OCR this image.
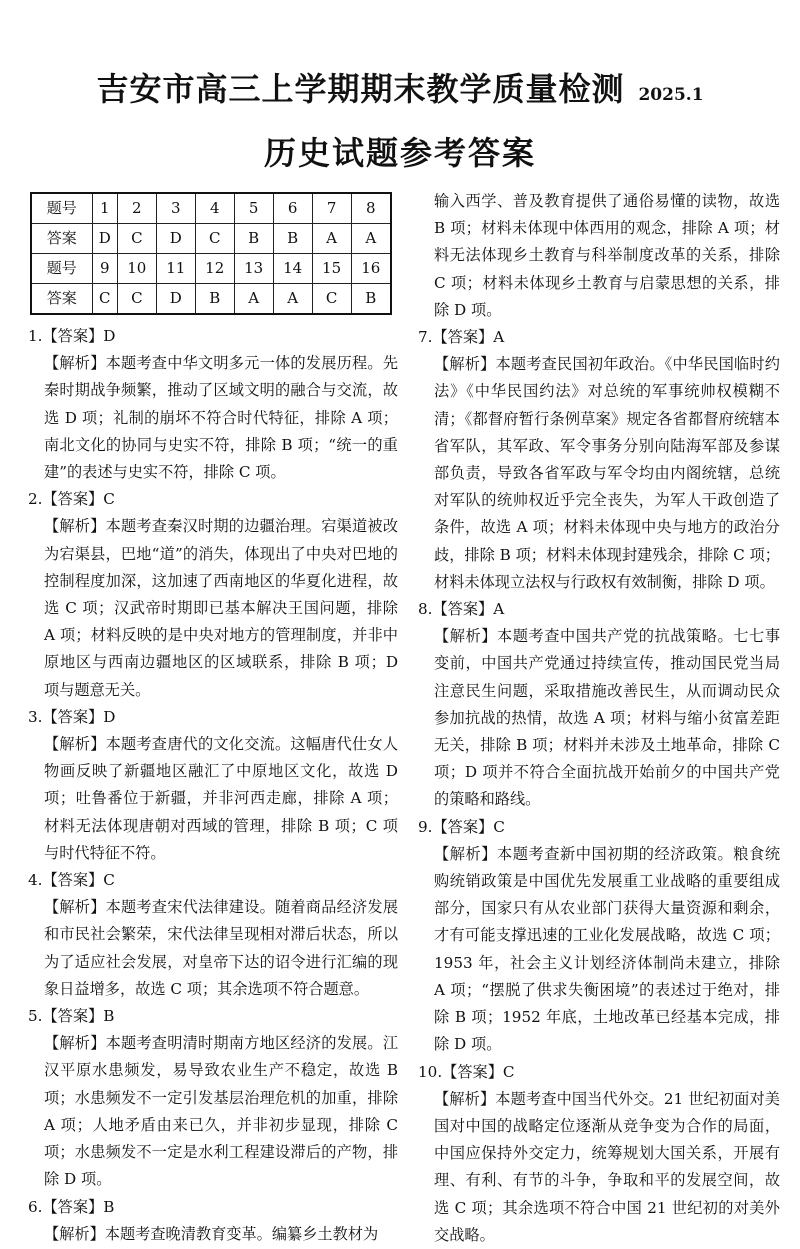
吉安市高三上学期期末教学质量检测 2025.1
历史试题参考答案
题号	1	2	3	4	5	6	7	8
答案	D	C	D	C	B	B	A	A
题号	9	10	11	12	13	14	15	16
答案	C	C	D	B	A	A	C	B
1.【答案】D

【解析】本题考查中华文明多元一体的发展历程。先秦时期战争频繁，推动了区域文明的融合与交流，故选 D 项；礼制的崩坏不符合时代特征，排除 A 项；南北文化的协同与史实不符，排除 B 项；“统一的重建”的表述与史实不符，排除 C 项。

2.【答案】C

【解析】本题考查秦汉时期的边疆治理。宕渠道被改为宕渠县，巴地“道”的消失，体现出了中央对巴地的控制程度加深，这加速了西南地区的华夏化进程，故选 C 项；汉武帝时期即已基本解决王国问题，排除 A 项；材料反映的是中央对地方的管理制度，并非中原地区与西南边疆地区的区域联系，排除 B 项；D 项与题意无关。

3.【答案】D

【解析】本题考查唐代的文化交流。这幅唐代仕女人物画反映了新疆地区融汇了中原地区文化，故选 D 项；吐鲁番位于新疆，并非河西走廊，排除 A 项；材料无法体现唐朝对西域的管理，排除 B 项；C 项与时代特征不符。

4.【答案】C

【解析】本题考查宋代法律建设。随着商品经济发展和市民社会繁荣，宋代法律呈现相对滞后状态，所以为了适应社会发展，对皇帝下达的诏令进行汇编的现象日益增多，故选 C 项；其余选项不符合题意。

5.【答案】B

【解析】本题考查明清时期南方地区经济的发展。江汉平原水患频发，易导致农业生产不稳定，故选 B 项；水患频发不一定引发基层治理危机的加重，排除 A 项；人地矛盾由来已久，并非初步显现，排除 C 项；水患频发不一定是水利工程建设滞后的产物，排除 D 项。

6.【答案】B

【解析】本题考查晚清教育变革。编纂乡土教材为

输入西学、普及教育提供了通俗易懂的读物，故选 B 项；材料未体现中体西用的观念，排除 A 项；材料无法体现乡土教育与科举制度改革的关系，排除 C 项；材料未体现乡土教育与启蒙思想的关系，排除 D 项。

7.【答案】A

【解析】本题考查民国初年政治。《中华民国临时约法》《中华民国约法》对总统的军事统帅权模糊不清；《都督府暂行条例草案》规定各省都督府统辖本省军队，其军政、军令事务分别向陆海军部及参谋部负责，导致各省军政与军令均由内阁统辖，总统对军队的统帅权近乎完全丧失，为军人干政创造了条件，故选 A 项；材料未体现中央与地方的政治分歧，排除 B 项；材料未体现封建残余，排除 C 项；材料未体现立法权与行政权有效制衡，排除 D 项。

8.【答案】A

【解析】本题考查中国共产党的抗战策略。七七事变前，中国共产党通过持续宣传，推动国民党当局注意民生问题，采取措施改善民生，从而调动民众参加抗战的热情，故选 A 项；材料与缩小贫富差距无关，排除 B 项；材料并未涉及土地革命，排除 C 项；D 项并不符合全面抗战开始前夕的中国共产党的策略和路线。

9.【答案】C

【解析】本题考查新中国初期的经济政策。粮食统购统销政策是中国优先发展重工业战略的重要组成部分，国家只有从农业部门获得大量资源和剩余，才有可能支撑迅速的工业化发展战略，故选 C 项；1953 年，社会主义计划经济体制尚未建立，排除 A 项；“摆脱了供求失衡困境”的表述过于绝对，排除 B 项；1952 年底，土地改革已经基本完成，排除 D 项。

10.【答案】C

【解析】本题考查中国当代外交。21 世纪初面对美国对中国的战略定位逐渐从竞争变为合作的局面，中国应保持外交定力，统筹规划大国关系，开展有理、有利、有节的斗争，争取和平的发展空间，故选 C 项；其余选项不符合中国 21 世纪初的对美外交战略。
